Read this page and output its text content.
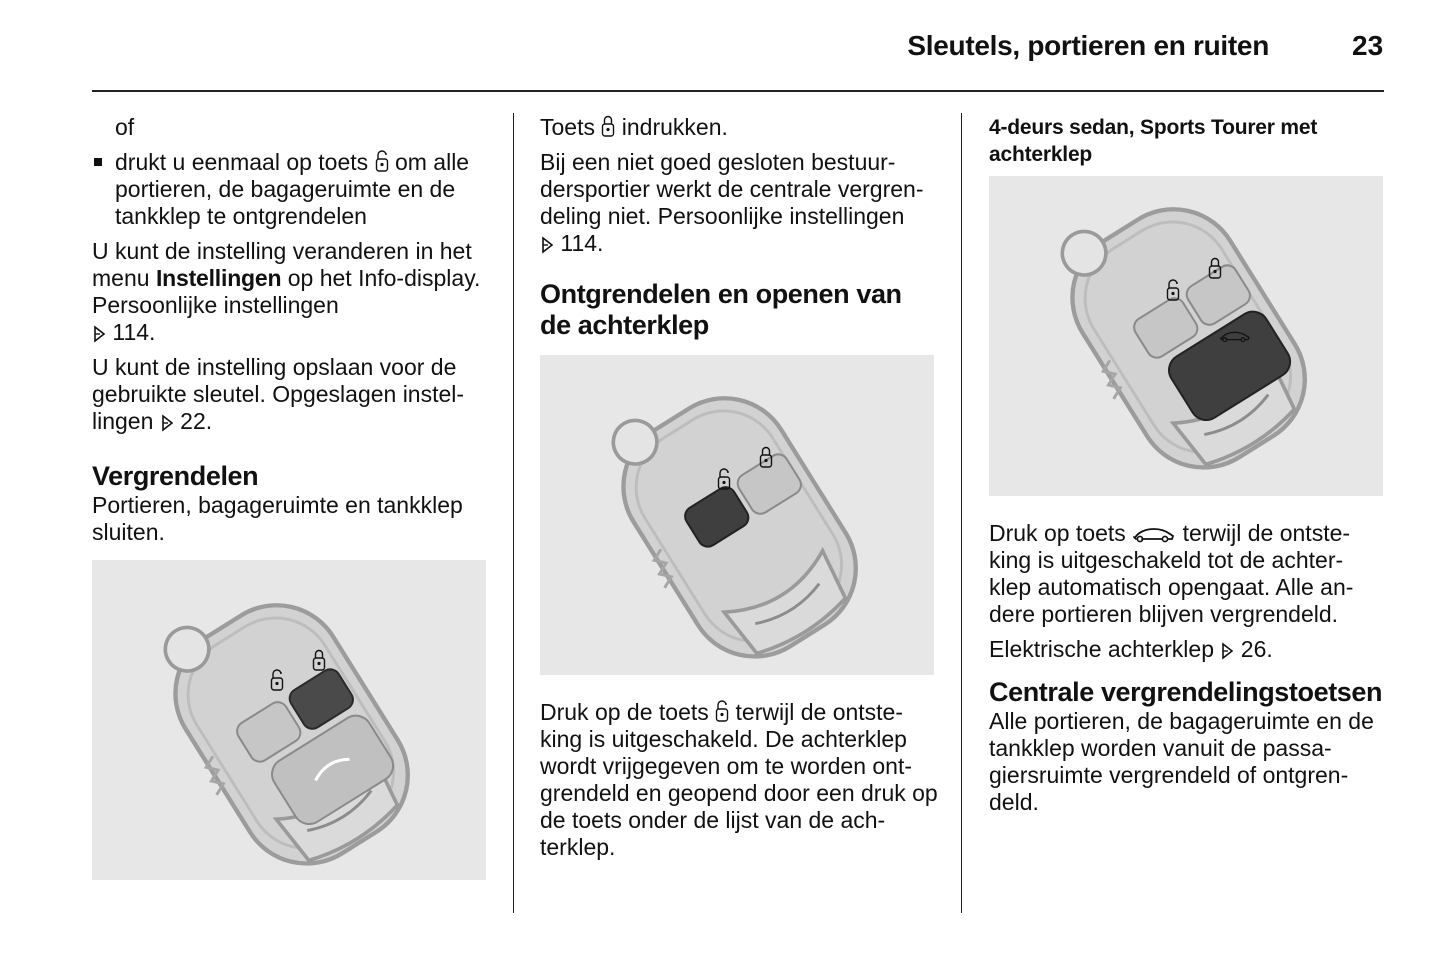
Sleutels, portieren en ruiten	23

of

drukt u eenmaal op toets om alle portieren, de bagageruimte en de tankklep te ontgrendelen

U kunt de instelling veranderen in het menu Instellingen op het Info-display. Persoonlijke instellingen
114.

U kunt de instelling opslaan voor de gebruikte sleutel. Opgeslagen instel-lingen 22.

Vergrendelen

Portieren, bagageruimte en tankklep sluiten.

Toets indrukken.

Bij een niet goed gesloten bestuur-dersportier werkt de centrale vergren-deling niet. Persoonlijke instellingen
114.

Ontgrendelen en openen van de achterklep

Druk op de toets terwijl de ontste-king is uitgeschakeld. De achterklep wordt vrijgegeven om te worden ont-grendeld en geopend door een druk op de toets onder de lijst van de ach-terklep.

4-deurs sedan, Sports Tourer met achterklep

Druk op toets terwijl de ontste-king is uitgeschakeld tot de achter-klep automatisch opengaat. Alle an-dere portieren blijven vergrendeld.

Elektrische achterklep 26.

Centrale vergrendelingstoetsen

Alle portieren, de bagageruimte en de tankklep worden vanuit de passa-giersruimte vergrendeld of ontgren-deld.
